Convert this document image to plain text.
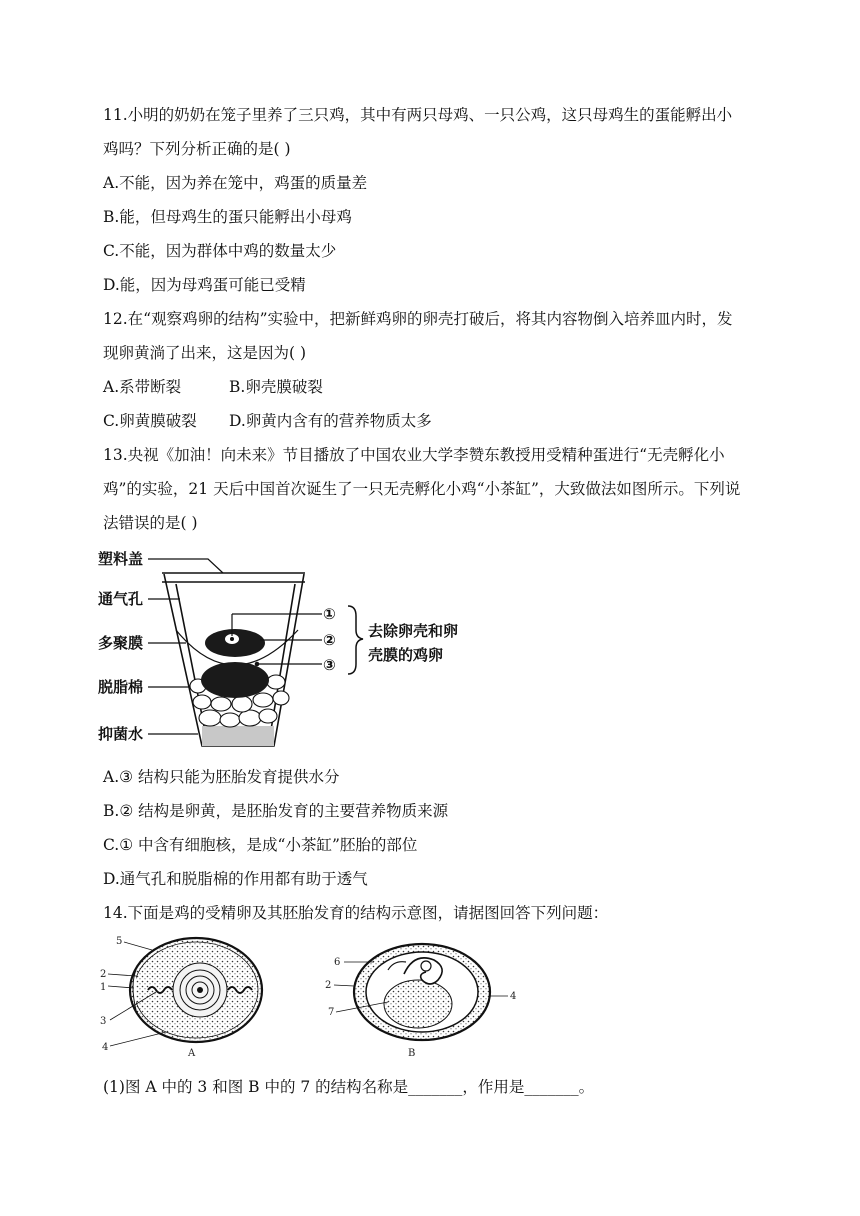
11.小明的奶奶在笼子里养了三只鸡，其中有两只母鸡、一只公鸡，这只母鸡生的蛋能孵出小
鸡吗？下列分析正确的是( )
A.不能，因为养在笼中，鸡蛋的质量差
B.能，但母鸡生的蛋只能孵出小母鸡
C.不能，因为群体中鸡的数量太少
D.能，因为母鸡蛋可能已受精
12.在“观察鸡卵的结构”实验中，把新鲜鸡卵的卵壳打破后，将其内容物倒入培养皿内时，发
现卵黄淌了出来，这是因为( )
A.系带断裂	B.卵壳膜破裂
C.卵黄膜破裂 D.卵黄内含有的营养物质太多
13.央视《加油！向未来》节目播放了中国农业大学李赞东教授用受精种蛋进行“无壳孵化小
鸡”的实验，21 天后中国首次诞生了一只无壳孵化小鸡“小茶缸”，大致做法如图所示。下列说
法错误的是( )
塑料盖
通气孔
多聚膜
脱脂棉
抑菌水
①
②
③
去除卵壳和卵
壳膜的鸡卵
A.③ 结构只能为胚胎发育提供水分
B.② 结构是卵黄，是胚胎发育的主要营养物质来源
C.① 中含有细胞核，是成“小茶缸”胚胎的部位
D.通气孔和脱脂棉的作用都有助于透气
14.下面是鸡的受精卵及其胚胎发育的结构示意图，请据图回答下列问题：
5
2
1
3
4
A
6
2
7
4
B
(1)图 A 中的 3 和图 B 中的 7 的结构名称是_______，作用是_______。
